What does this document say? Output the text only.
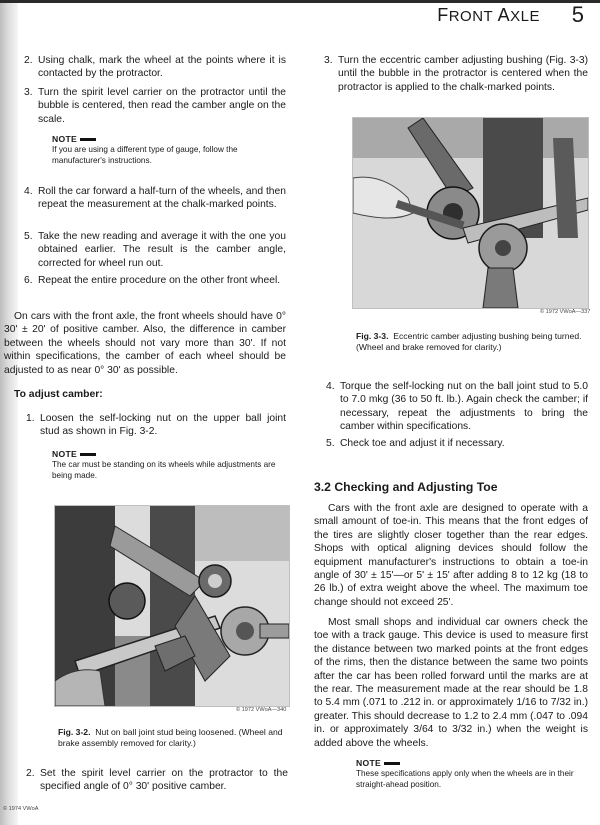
FRONT AXLE 5
2. Using chalk, mark the wheel at the points where it is contacted by the protractor.
3. Turn the spirit level carrier on the protractor until the bubble is centered, then read the camber angle on the scale.
NOTE
If you are using a different type of gauge, follow the manufacturer's instructions.
4. Roll the car forward a half-turn of the wheels, and then repeat the measurement at the chalk-marked points.
5. Take the new reading and average it with the one you obtained earlier. The result is the camber angle, corrected for wheel run out.
6. Repeat the entire procedure on the other front wheel.
On cars with the front axle, the front wheels should have 0° 30' ± 20' of positive camber. Also, the difference in camber between the wheels should not vary more than 30'. If not within specifications, the camber of each wheel should be adjusted to as near 0° 30' as possible.
To adjust camber:
1. Loosen the self-locking nut on the upper ball joint stud as shown in Fig. 3-2.
NOTE
The car must be standing on its wheels while adjustments are being made.
© 1972 VWoA—340
Fig. 3-2. Nut on ball joint stud being loosened. (Wheel and brake assembly removed for clarity.)
2. Set the spirit level carrier on the protractor to the specified angle of 0° 30' positive camber.
© 1974 VWoA
3. Turn the eccentric camber adjusting bushing (Fig. 3-3) until the bubble in the protractor is centered when the protractor is applied to the chalk-marked points.
© 1972 VWoA—337
Fig. 3-3. Eccentric camber adjusting bushing being turned. (Wheel and brake removed for clarity.)
4. Torque the self-locking nut on the ball joint stud to 5.0 to 7.0 mkg (36 to 50 ft. lb.). Again check the camber; if necessary, repeat the adjustments to bring the camber within specifications.
5. Check toe and adjust it if necessary.
3.2 Checking and Adjusting Toe
Cars with the front axle are designed to operate with a small amount of toe-in. This means that the front edges of the tires are slightly closer together than the rear edges. Shops with optical aligning devices should follow the equipment manufacturer's instructions to obtain a toe-in angle of 30' ± 15'—or 5' ± 15' after adding 8 to 12 kg (18 to 26 lb.) of extra weight above the wheel. The maximum toe change should not exceed 25'.
Most small shops and individual car owners check the toe with a track gauge. This device is used to measure first the distance between two marked points at the front edges of the rims, then the distance between the same two points after the car has been rolled forward until the marks are at the rear. The measurement made at the rear should be 1.8 to 5.4 mm (.071 to .212 in. or approximately 1/16 to 7/32 in.) greater. This should decrease to 1.2 to 2.4 mm (.047 to .094 in. or approximately 3/64 to 3/32 in.) when the weight is added above the wheels.
NOTE
These specifications apply only when the wheels are in their straight-ahead position.
